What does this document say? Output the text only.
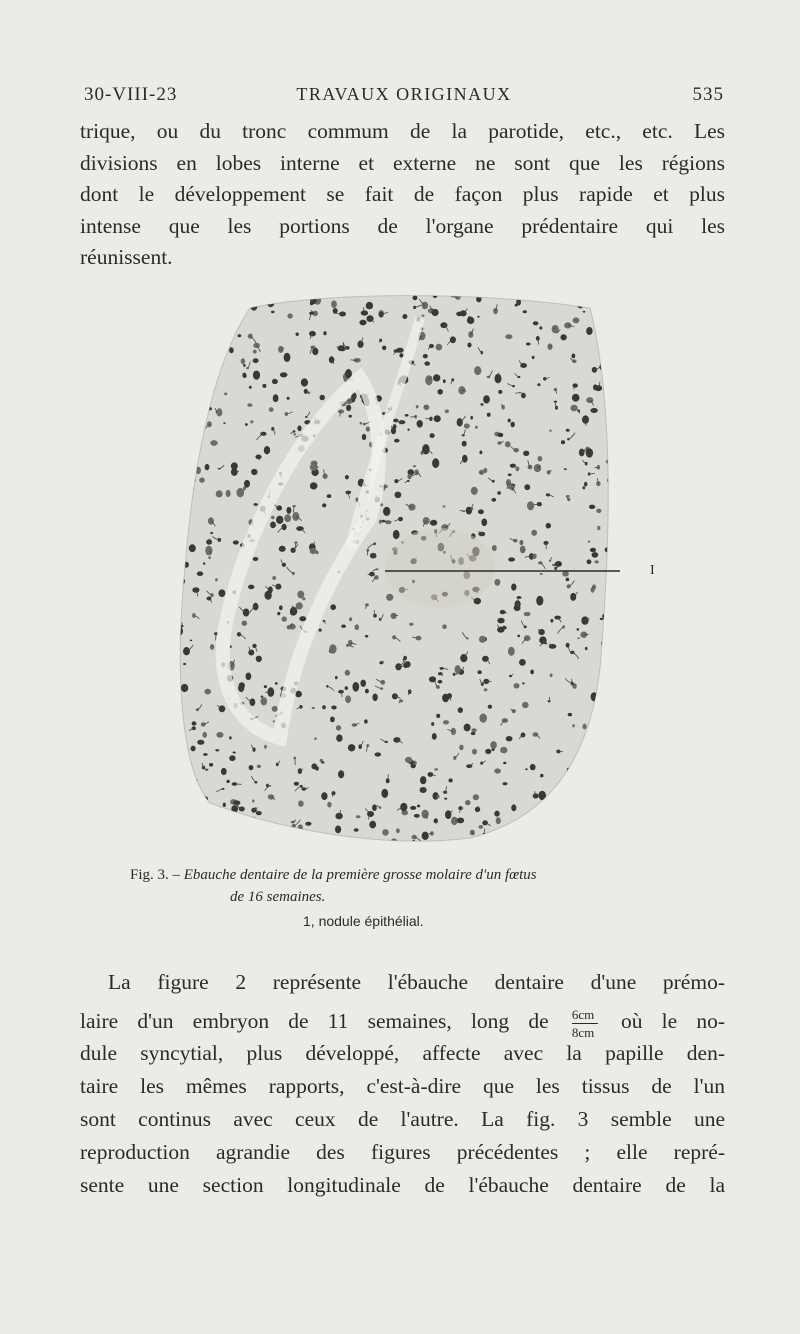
30-VIII-23	TRAVAUX ORIGINAUX	535
trique, ou du tronc commum de la parotide, etc., etc. Les
divisions en lobes interne et externe ne sont que les régions
dont le développement se fait de façon plus rapide et plus
intense que les portions de l'organe prédentaire qui les
réunissent.
I
Fig. 3. – Ebauche dentaire de la première grosse molaire d'un fœtus
de 16 semaines.
1, nodule épithélial.
La figure 2 représente l'ébauche dentaire d'une prémo-
laire d'un embryon de 11 semaines, long de $\frac{6cm}{8cm}$ où le no-
dule syncytial, plus développé, affecte avec la papille den-
taire les mêmes rapports, c'est-à-dire que les tissus de l'un
sont continus avec ceux de l'autre. La fig. 3 semble une
reproduction agrandie des figures précédentes ; elle repré-
sente une section longitudinale de l'ébauche dentaire de la
